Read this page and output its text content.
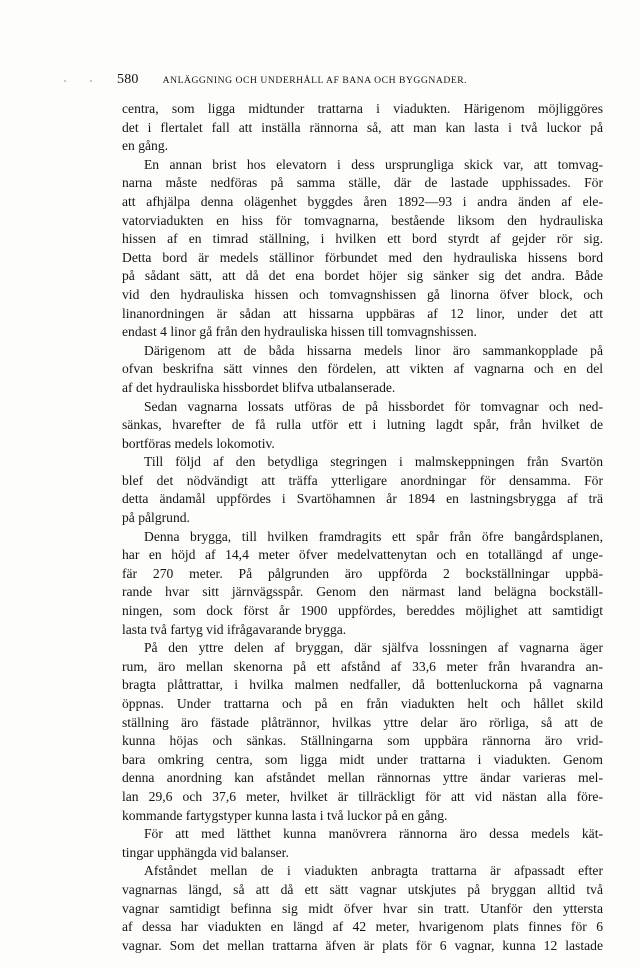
580	ANLÄGGNING OCH UNDERHÅLL AF BANA OCH BYGGNADER.
centra, som ligga midtunder trattarna i viadukten. Härigenom möjliggöres
det i flertalet fall att inställa rännorna så, att man kan lasta i två luckor på
en gång.
En annan brist hos elevatorn i dess ursprungliga skick var, att tomvag-
narna måste nedföras på samma ställe, där de lastade upphissades. För
att afhjälpa denna olägenhet byggdes åren 1892—93 i andra änden af ele-
vatorviadukten en hiss för tomvagnarna, bestående liksom den hydrauliska
hissen af en timrad ställning, i hvilken ett bord styrdt af gejder rör sig.
Detta bord är medels ställinor förbundet med den hydrauliska hissens bord
på sådant sätt, att då det ena bordet höjer sig sänker sig det andra. Både
vid den hydrauliska hissen och tomvagnshissen gå linorna öfver block, och
linanordningen är sådan att hissarna uppbäras af 12 linor, under det att
endast 4 linor gå från den hydrauliska hissen till tomvagnshissen.
Därigenom att de båda hissarna medels linor äro sammankopplade på
ofvan beskrifna sätt vinnes den fördelen, att vikten af vagnarna och en del
af det hydrauliska hissbordet blifva utbalanserade.
Sedan vagnarna lossats utföras de på hissbordet för tomvagnar och ned-
sänkas, hvarefter de få rulla utför ett i lutning lagdt spår, från hvilket de
bortföras medels lokomotiv.
Till följd af den betydliga stegringen i malmskeppningen från Svartön
blef det nödvändigt att träffa ytterligare anordningar för densamma. För
detta ändamål uppfördes i Svartöhamnen år 1894 en lastningsbrygga af trä
på pålgrund.
Denna brygga, till hvilken framdragits ett spår från öfre bangårdsplanen,
har en höjd af 14,4 meter öfver medelvattenytan och en totallängd af unge-
fär 270 meter. På pålgrunden äro uppförda 2 bockställningar uppbä-
rande hvar sitt järnvägsspår. Genom den närmast land belägna bockställ-
ningen, som dock först år 1900 uppfördes, bereddes möjlighet att samtidigt
lasta två fartyg vid ifrågavarande brygga.
På den yttre delen af bryggan, där själfva lossningen af vagnarna äger
rum, äro mellan skenorna på ett afstånd af 33,6 meter från hvarandra an-
bragta plåttrattar, i hvilka malmen nedfaller, då bottenluckorna på vagnarna
öppnas. Under trattarna och på en från viadukten helt och hållet skild
ställning äro fästade plåtrännor, hvilkas yttre delar äro rörliga, så att de
kunna höjas och sänkas. Ställningarna som uppbära rännorna äro vrid-
bara omkring centra, som ligga midt under trattarna i viadukten. Genom
denna anordning kan afståndet mellan rännornas yttre ändar varieras mel-
lan 29,6 och 37,6 meter, hvilket är tillräckligt för att vid nästan alla före-
kommande fartygstyper kunna lasta i två luckor på en gång.
För att med lätthet kunna manövrera rännorna äro dessa medels kät-
tingar upphängda vid balanser.
Afståndet mellan de i viadukten anbragta trattarna är afpassadt efter
vagnarnas längd, så att då ett sätt vagnar utskjutes på bryggan alltid två
vagnar samtidigt befinna sig midt öfver hvar sin tratt. Utanför den yttersta
af dessa har viadukten en längd af 42 meter, hvarigenom plats finnes för 6
vagnar. Som det mellan trattarna äfven är plats för 6 vagnar, kunna 12 lastade
